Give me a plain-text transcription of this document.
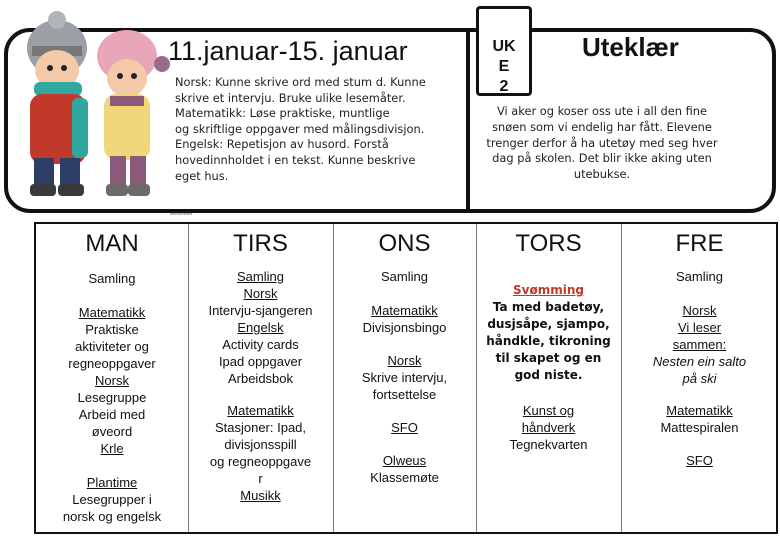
11.januar-15. januar
Norsk: Kunne skrive ord med stum d. Kunne
skrive et intervju. Bruke ulike lesemåter.
Matematikk: Løse praktiske, muntlige
og skriftlige oppgaver med målingsdivisjon.
Engelsk: Repetisjon av husord. Forstå
hovedinnholdet i en tekst. Kunne beskrive
eget hus.
UK
E
2
Uteklær
Vi aker og koser oss ute i all den fine snøen som vi endelig har fått. Elevene trenger derfor å ha utetøy med seg hver dag på skolen. Det blir ikke aking uten utebukse.
MelonHeadz
MAN
Samling
Matematikk
Praktiske
aktiviteter og
regneoppgaver
Norsk
Lesegruppe
Arbeid med
øveord
Krle
Plantime
Lesegrupper i
norsk og engelsk
TIRS
Samling
Norsk
Intervju-sjangeren
Engelsk
Activity cards
Ipad oppgaver
Arbeidsbok
Matematikk
Stasjoner: Ipad,
divisjonsspill
og regneoppgave
r
Musikk
ONS
Samling
Matematikk
Divisjonsbingo
Norsk
Skrive intervju,
fortsettelse
SFO
Olweus
Klassemøte
TORS
Svømming
Ta med badetøy,
dusjsåpe, sjampo,
håndkle, tikroning
til skapet og en
god niste.
Kunst og
håndverk
Tegnekvarten
FRE
Samling
Norsk
Vi leser
sammen:
Nesten ein salto
på ski
Matematikk
Mattespiralen
SFO
